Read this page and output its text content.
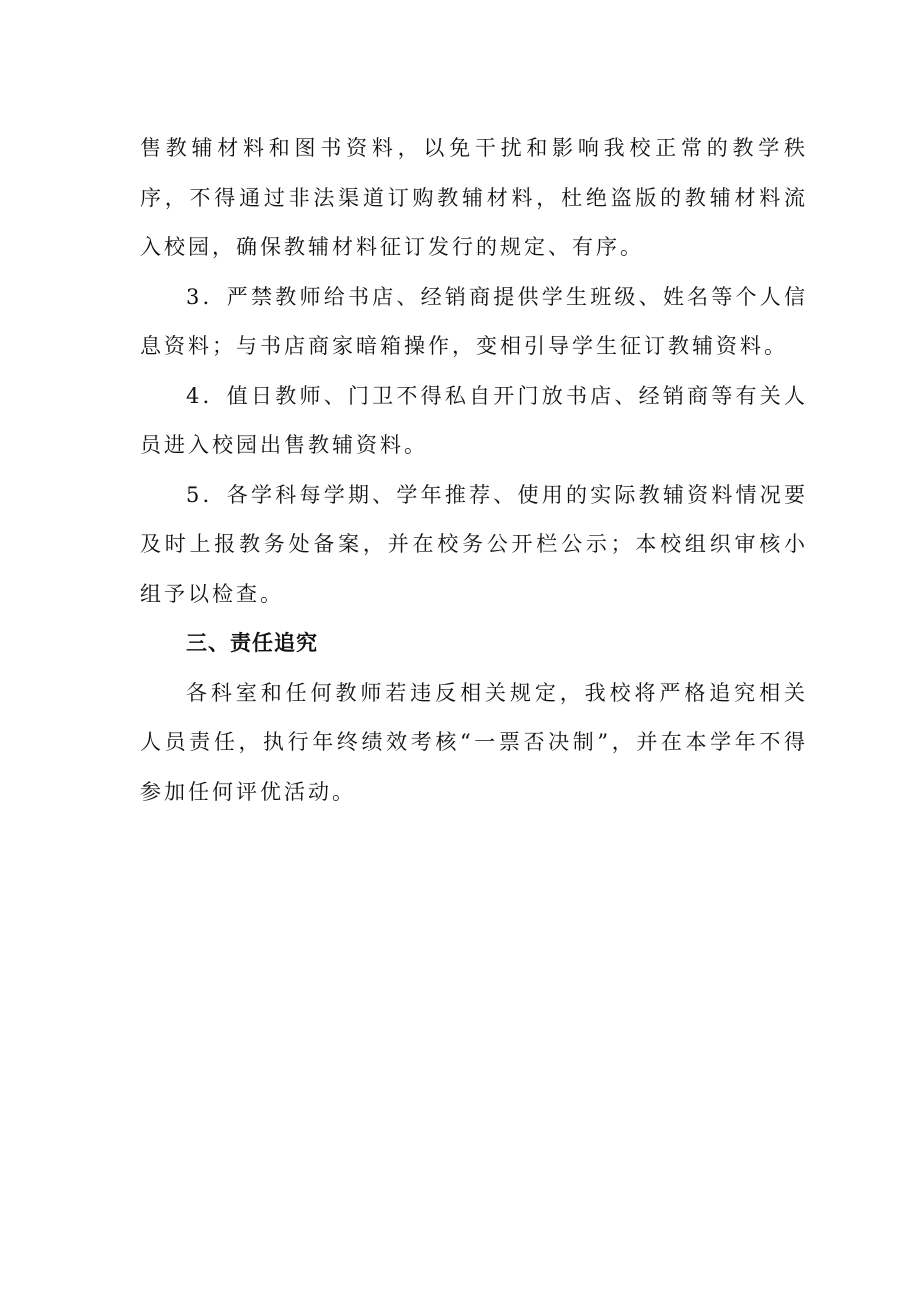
售教辅材料和图书资料，以免干扰和影响我校正常的教学秩序，不得通过非法渠道订购教辅材料，杜绝盗版的教辅材料流入校园，确保教辅材料征订发行的规定、有序。

3．严禁教师给书店、经销商提供学生班级、姓名等个人信息资料；与书店商家暗箱操作，变相引导学生征订教辅资料。

4．值日教师、门卫不得私自开门放书店、经销商等有关人员进入校园出售教辅资料。

5．各学科每学期、学年推荐、使用的实际教辅资料情况要及时上报教务处备案，并在校务公开栏公示；本校组织审核小组予以检查。

三、责任追究

各科室和任何教师若违反相关规定，我校将严格追究相关人员责任，执行年终绩效考核“一票否决制”，并在本学年不得参加任何评优活动。
